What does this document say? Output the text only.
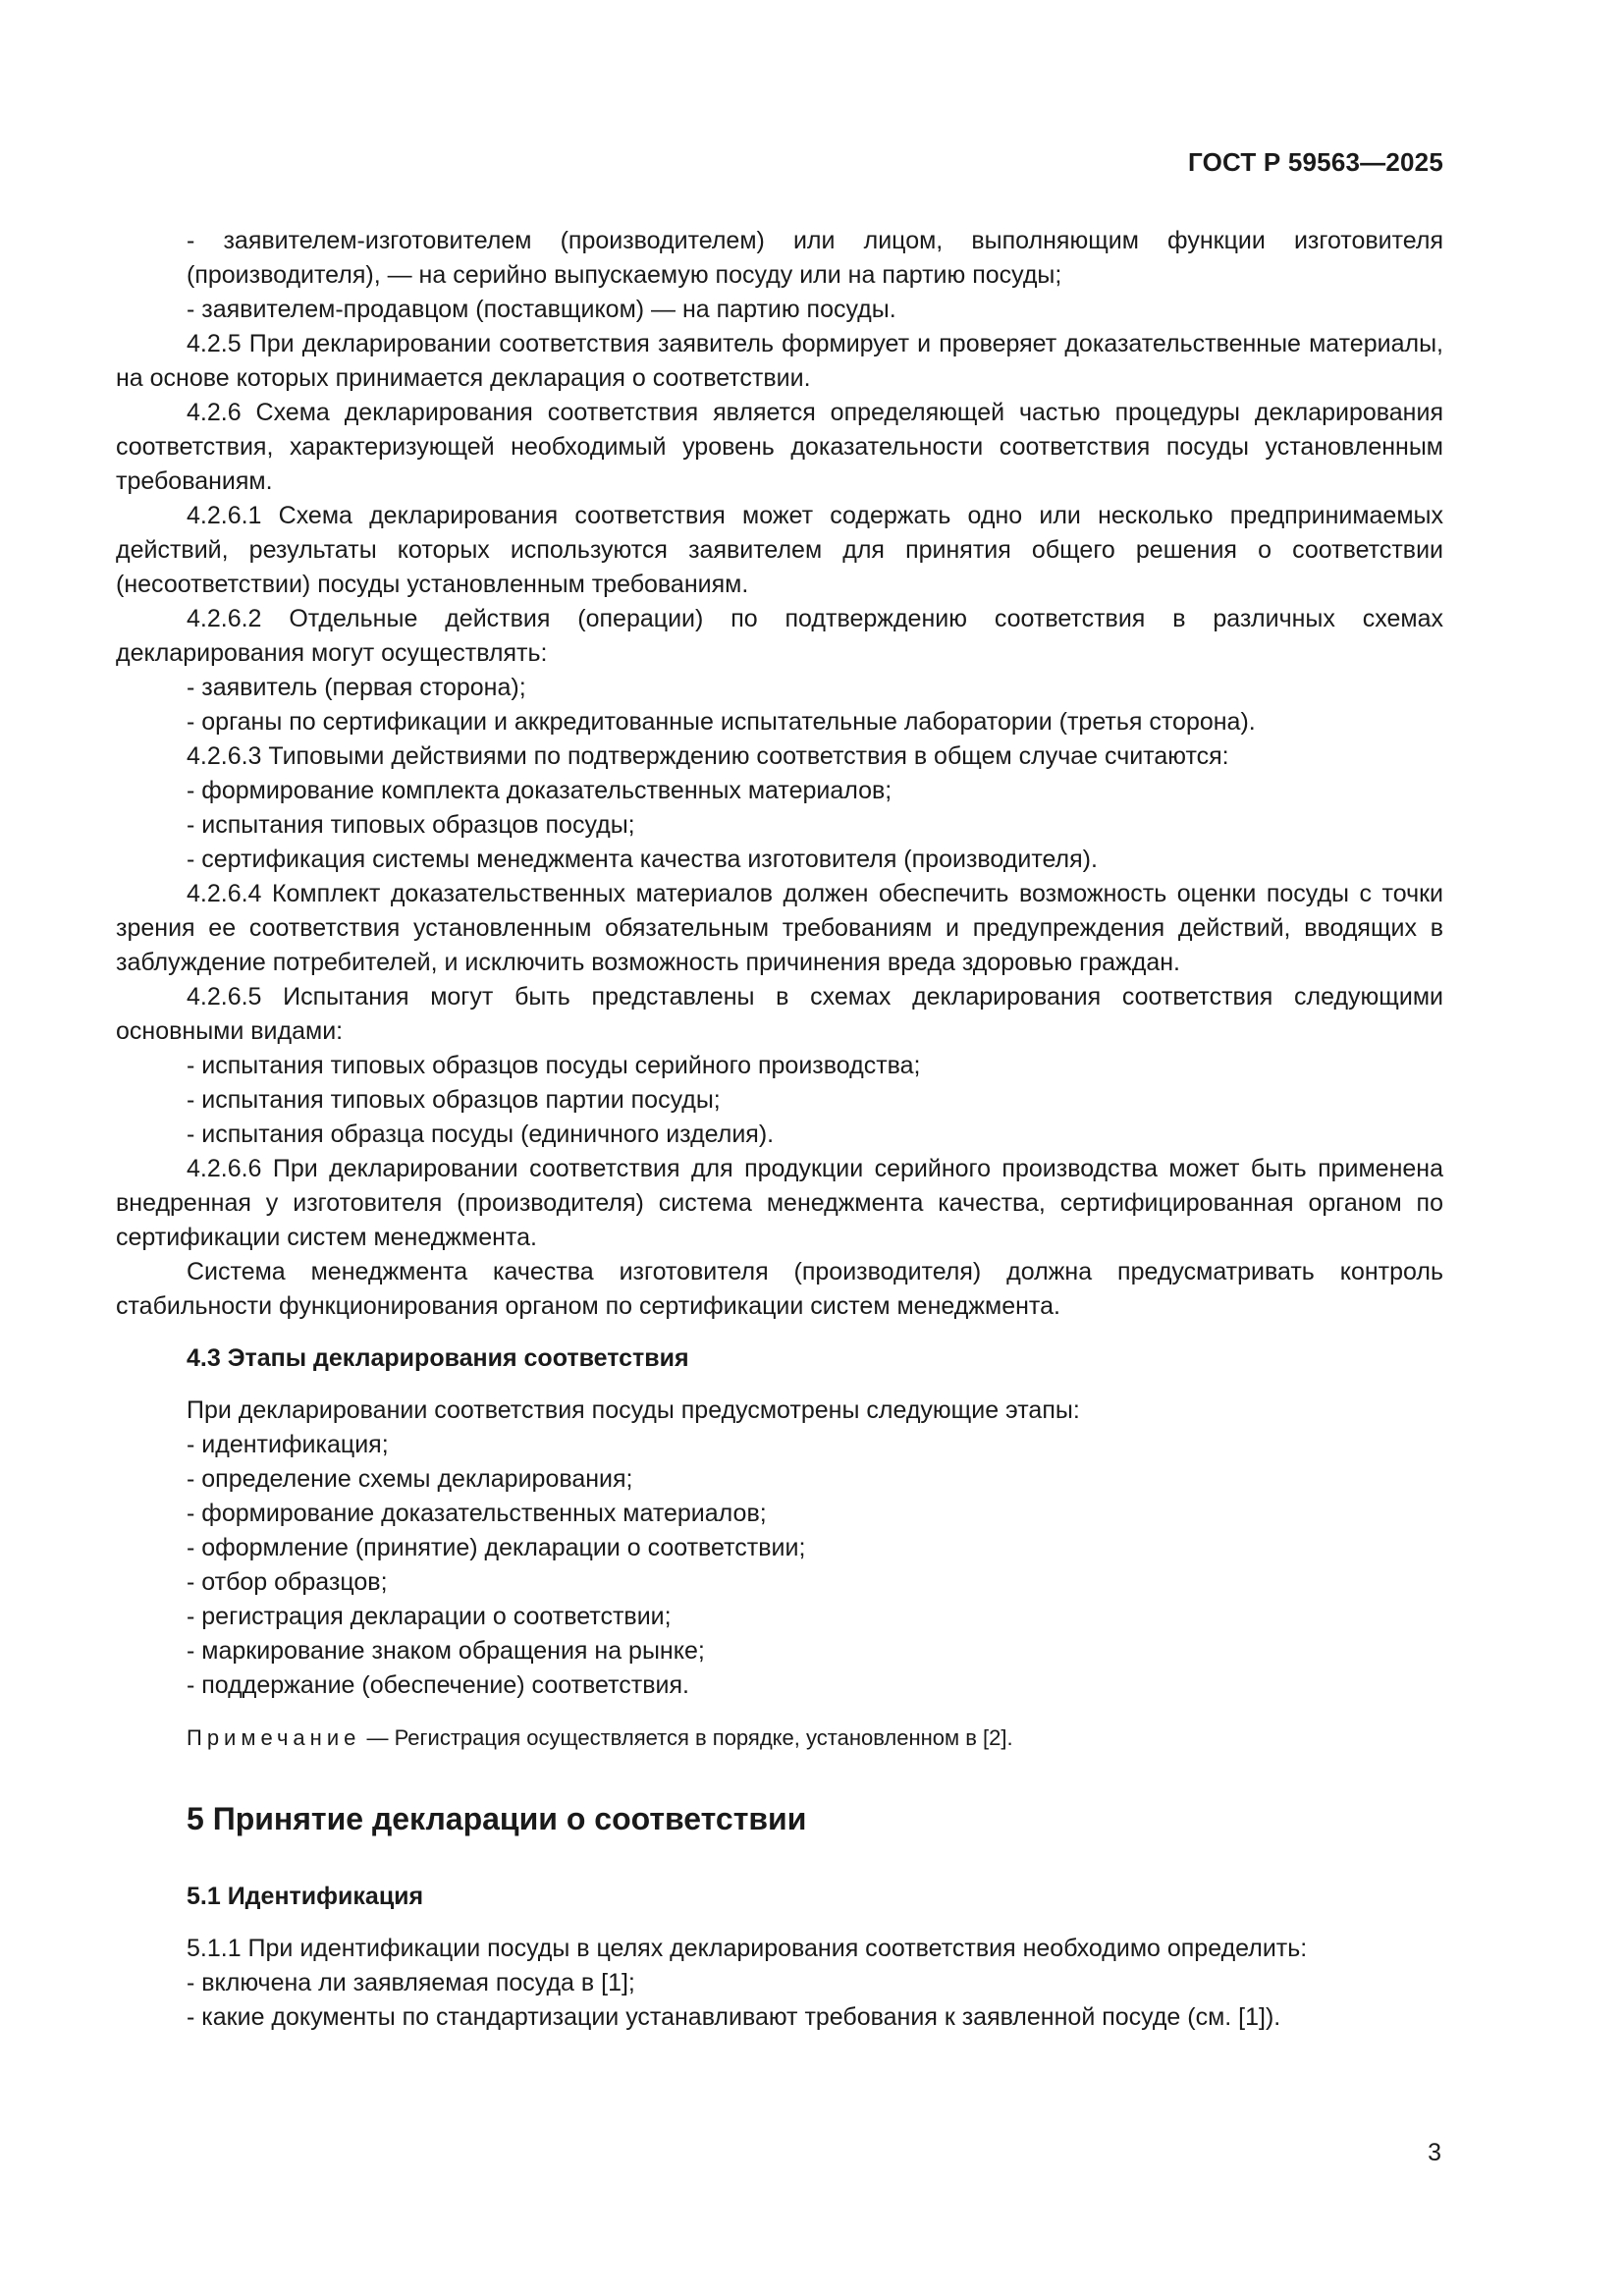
ГОСТ Р 59563—2025
- заявителем-изготовителем (производителем) или лицом, выполняющим функции изготовителя (производителя), — на серийно выпускаемую посуду или на партию посуды;
- заявителем-продавцом (поставщиком) — на партию посуды.
4.2.5 При декларировании соответствия заявитель формирует и проверяет доказательственные материалы, на основе которых принимается декларация о соответствии.
4.2.6 Схема декларирования соответствия является определяющей частью процедуры декларирования соответствия, характеризующей необходимый уровень доказательности соответствия посуды установленным требованиям.
4.2.6.1 Схема декларирования соответствия может содержать одно или несколько предпринимаемых действий, результаты которых используются заявителем для принятия общего решения о соответствии (несоответствии) посуды установленным требованиям.
4.2.6.2 Отдельные действия (операции) по подтверждению соответствия в различных схемах декларирования могут осуществлять:
- заявитель (первая сторона);
- органы по сертификации и аккредитованные испытательные лаборатории (третья сторона).
4.2.6.3 Типовыми действиями по подтверждению соответствия в общем случае считаются:
- формирование комплекта доказательственных материалов;
- испытания типовых образцов посуды;
- сертификация системы менеджмента качества изготовителя (производителя).
4.2.6.4 Комплект доказательственных материалов должен обеспечить возможность оценки посуды с точки зрения ее соответствия установленным обязательным требованиям и предупреждения действий, вводящих в заблуждение потребителей, и исключить возможность причинения вреда здоровью граждан.
4.2.6.5 Испытания могут быть представлены в схемах декларирования соответствия следующими основными видами:
- испытания типовых образцов посуды серийного производства;
- испытания типовых образцов партии посуды;
- испытания образца посуды (единичного изделия).
4.2.6.6 При декларировании соответствия для продукции серийного производства может быть применена внедренная у изготовителя (производителя) система менеджмента качества, сертифицированная органом по сертификации систем менеджмента.
Система менеджмента качества изготовителя (производителя) должна предусматривать контроль стабильности функционирования органом по сертификации систем менеджмента.
4.3 Этапы декларирования соответствия
При декларировании соответствия посуды предусмотрены следующие этапы:
- идентификация;
- определение схемы декларирования;
- формирование доказательственных материалов;
- оформление (принятие) декларации о соответствии;
- отбор образцов;
- регистрация декларации о соответствии;
- маркирование знаком обращения на рынке;
- поддержание (обеспечение) соответствия.
Примечание — Регистрация осуществляется в порядке, установленном в [2].
5 Принятие декларации о соответствии
5.1 Идентификация
5.1.1 При идентификации посуды в целях декларирования соответствия необходимо определить:
- включена ли заявляемая посуда в [1];
- какие документы по стандартизации устанавливают требования к заявленной посуде (см. [1]).
3
